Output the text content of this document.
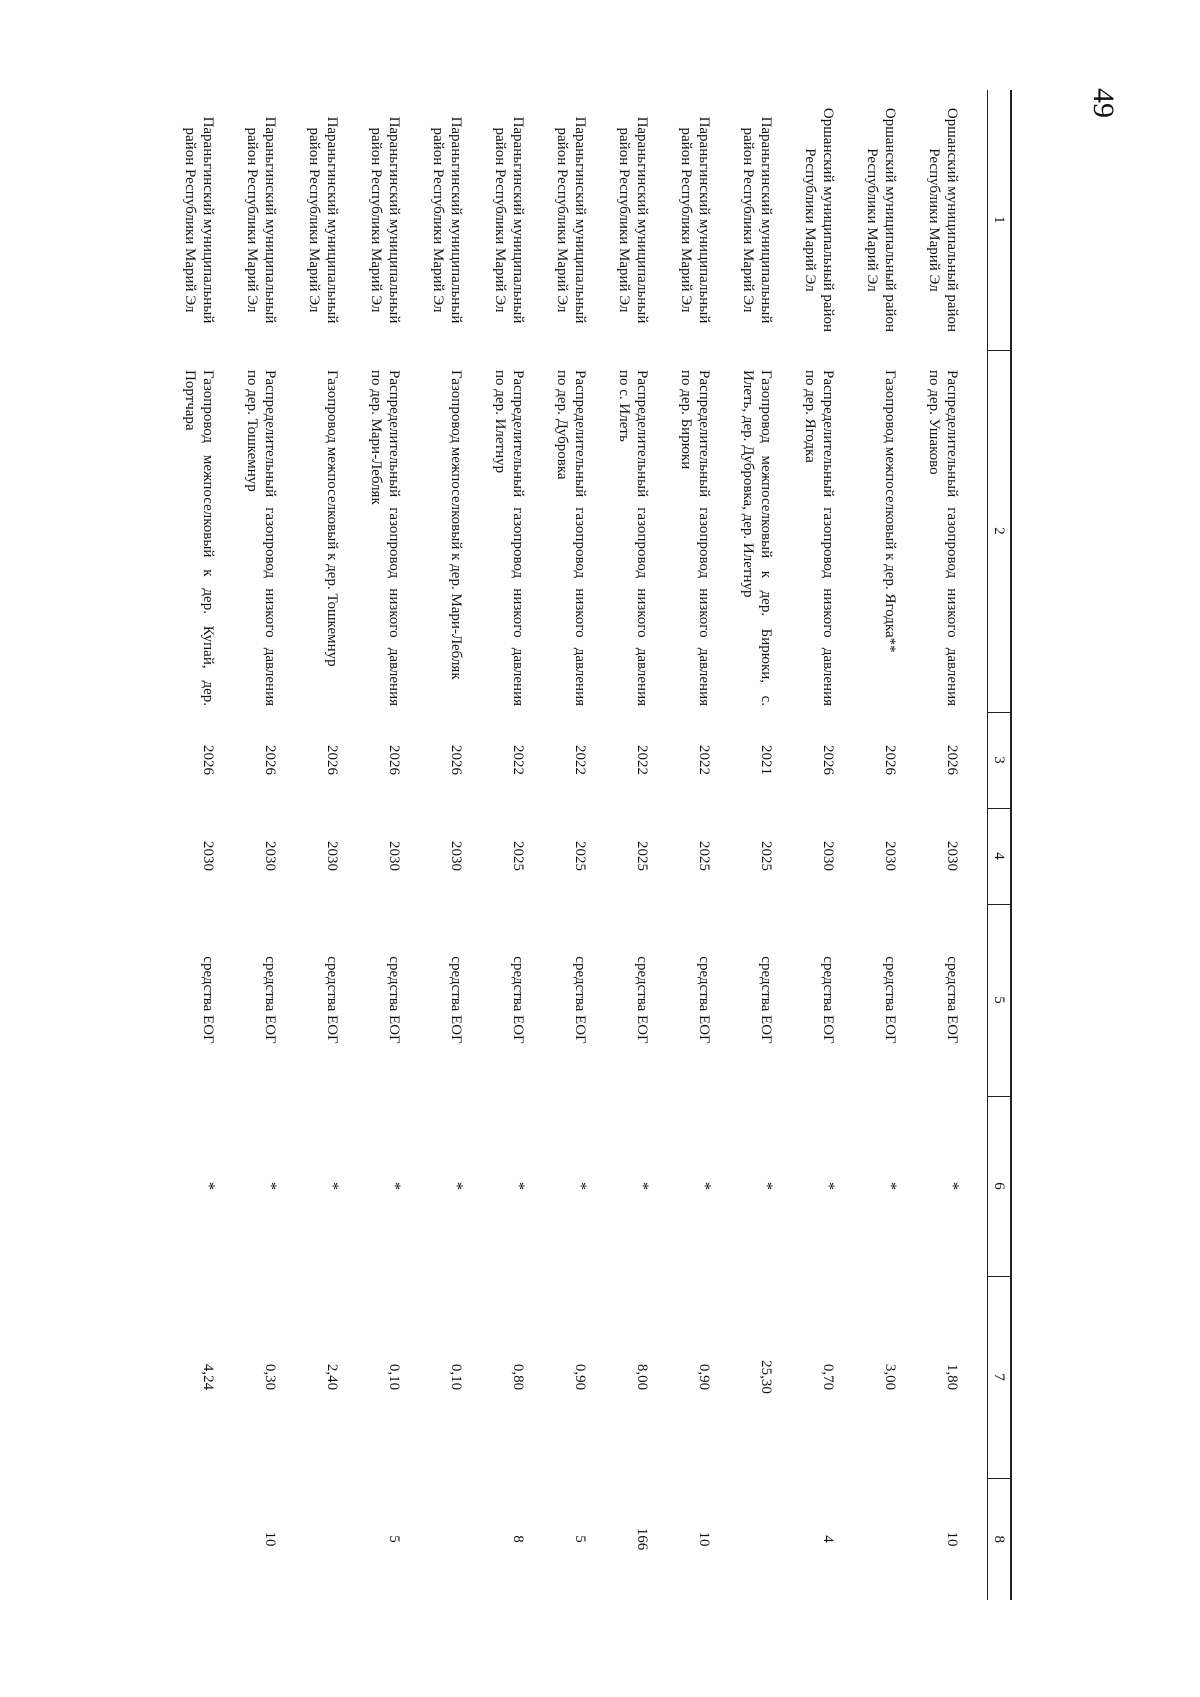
49
1	2	3	4	5	6	7	8
Оршанский муниципальный район Республики Марий Эл	Распределительный газопровод низкого давления по дер. Ушаково	2026	2030	средства ЕОГ	*	1,80	10
Оршанский муниципальный район Республики Марий Эл	Газопровод межпоселковый к дер. Ягодка**	2026	2030	средства ЕОГ	*	3,00	
Оршанский муниципальный район Республики Марий Эл	Распределительный газопровод низкого давления по дер. Ягодка	2026	2030	средства ЕОГ	*	0,70	4
Параньгинский муниципальный район Республики Марий Эл	Газопровод межпоселковый к дер. Бирюки, с. Илеть, дер. Дубровка, дер. Илетнур	2021	2025	средства ЕОГ	*	25,30	
Параньгинский муниципальный район Республики Марий Эл	Распределительный газопровод низкого давления по дер. Бирюки	2022	2025	средства ЕОГ	*	0,90	10
Параньгинский муниципальный район Республики Марий Эл	Распределительный газопровод низкого давления по с. Илеть	2022	2025	средства ЕОГ	*	8,00	166
Параньгинский муниципальный район Республики Марий Эл	Распределительный газопровод низкого давления по дер. Дубровка	2022	2025	средства ЕОГ	*	0,90	5
Параньгинский муниципальный район Республики Марий Эл	Распределительный газопровод низкого давления по дер. Илетнур	2022	2025	средства ЕОГ	*	0,80	8
Параньгинский муниципальный район Республики Марий Эл	Газопровод межпоселковый к дер. Мари-Лебляк	2026	2030	средства ЕОГ	*	0,10	
Параньгинский муниципальный район Республики Марий Эл	Распределительный газопровод низкого давления по дер. Мари-Лебляк	2026	2030	средства ЕОГ	*	0,10	5
Параньгинский муниципальный район Республики Марий Эл	Газопровод межпоселковый к дер. Тошкемнур	2026	2030	средства ЕОГ	*	2,40	
Параньгинский муниципальный район Республики Марий Эл	Распределительный газопровод низкого давления по дер. Тошкемнур	2026	2030	средства ЕОГ	*	0,30	10
Параньгинский муниципальный район Республики Марий Эл	Газопровод межпоселковый к дер. Купай, дер. Портчара	2026	2030	средства ЕОГ	*	4,24	
